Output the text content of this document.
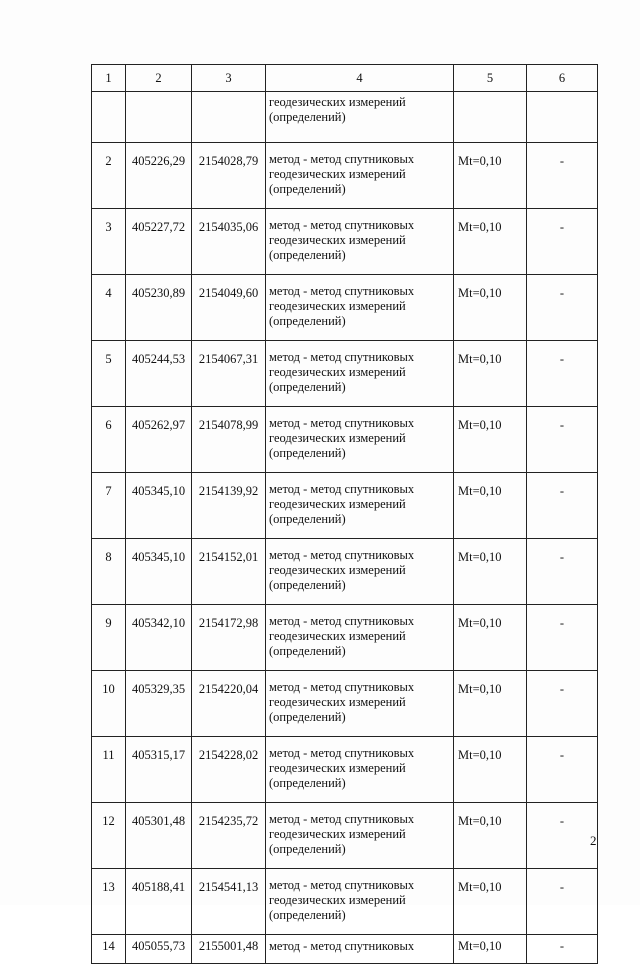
1	2	3	4	5	6
			геодезических измерений (определений)		
2	405226,29	2154028,79	метод - метод спутниковых геодезических измерений (определений)	Mt=0,10	-
3	405227,72	2154035,06	метод - метод спутниковых геодезических измерений (определений)	Mt=0,10	-
4	405230,89	2154049,60	метод - метод спутниковых геодезических измерений (определений)	Mt=0,10	-
5	405244,53	2154067,31	метод - метод спутниковых геодезических измерений (определений)	Mt=0,10	-
6	405262,97	2154078,99	метод - метод спутниковых геодезических измерений (определений)	Mt=0,10	-
7	405345,10	2154139,92	метод - метод спутниковых геодезических измерений (определений)	Mt=0,10	-
8	405345,10	2154152,01	метод - метод спутниковых геодезических измерений (определений)	Mt=0,10	-
9	405342,10	2154172,98	метод - метод спутниковых геодезических измерений (определений)	Mt=0,10	-
10	405329,35	2154220,04	метод - метод спутниковых геодезических измерений (определений)	Mt=0,10	-
11	405315,17	2154228,02	метод - метод спутниковых геодезических измерений (определений)	Mt=0,10	-
12	405301,48	2154235,72	метод - метод спутниковых геодезических измерений (определений)	Mt=0,10	-
13	405188,41	2154541,13	метод - метод спутниковых геодезических измерений (определений)	Mt=0,10	-
14	405055,73	2155001,48	метод - метод спутниковых	Mt=0,10	-
2
